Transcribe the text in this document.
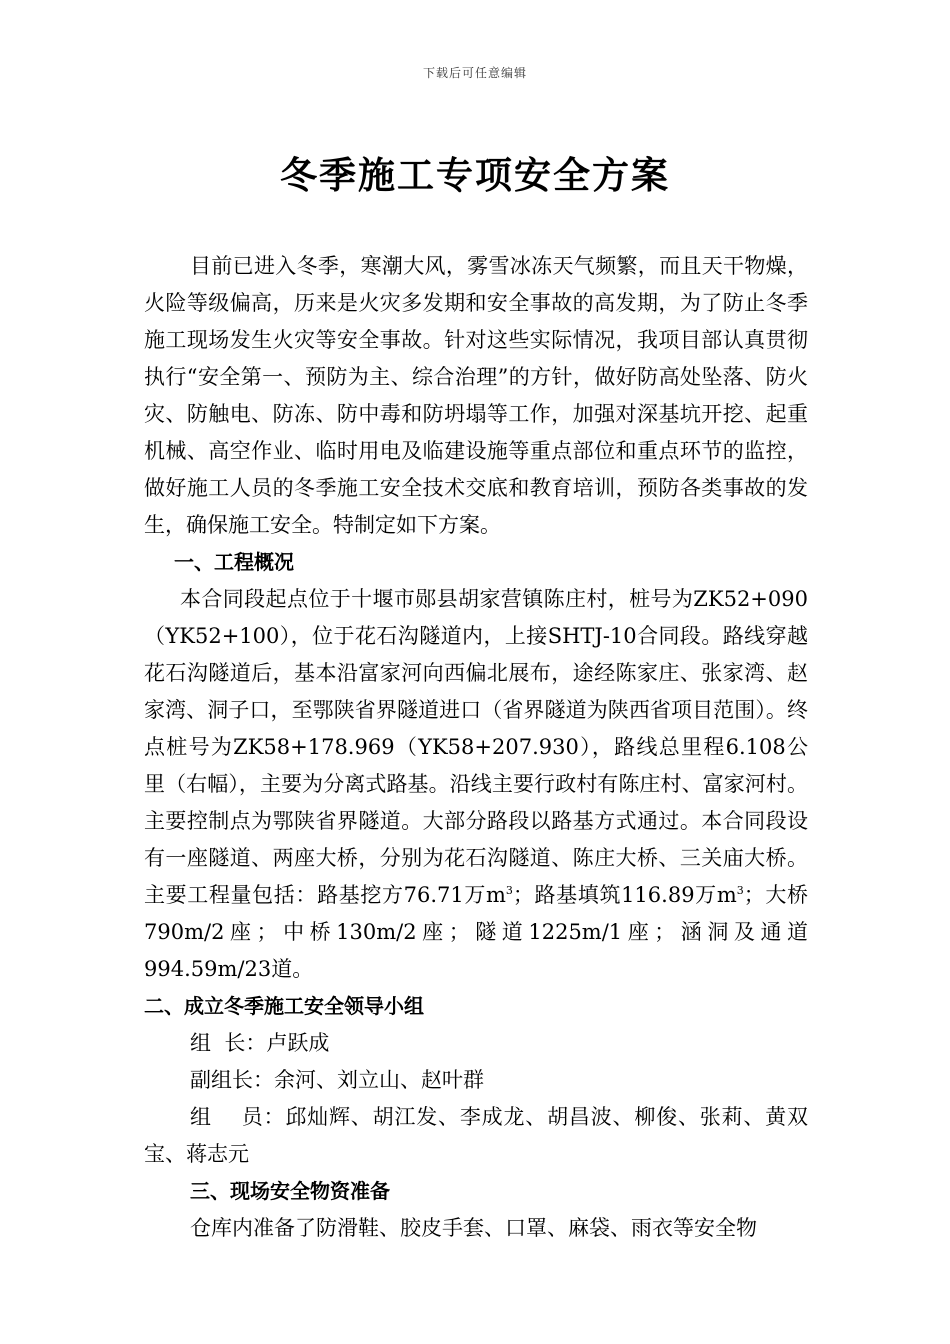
下载后可任意编辑
冬季施工专项安全方案

目前已进入冬季，寒潮大风，雾雪冰冻天气频繁，而且天干物燥，火险等级偏高，历来是火灾多发期和安全事故的高发期，为了防止冬季施工现场发生火灾等安全事故。针对这些实际情况，我项目部认真贯彻执行“安全第一、预防为主、综合治理”的方针，做好防高处坠落、防火灾、防触电、防冻、防中毒和防坍塌等工作，加强对深基坑开挖、起重机械、高空作业、临时用电及临建设施等重点部位和重点环节的监控，做好施工人员的冬季施工安全技术交底和教育培训，预防各类事故的发生，确保施工安全。特制定如下方案。

一、工程概况

本合同段起点位于十堰市郧县胡家营镇陈庄村，桩号为ZK52+090（YK52+100），位于花石沟隧道内，上接SHTJ-10合同段。路线穿越花石沟隧道后，基本沿富家河向西偏北展布，途经陈家庄、张家湾、赵家湾、洞子口，至鄂陕省界隧道进口（省界隧道为陕西省项目范围）。终点桩号为ZK58+178.969（YK58+207.930），路线总里程6.108公里（右幅），主要为分离式路基。沿线主要行政村有陈庄村、富家河村。主要控制点为鄂陕省界隧道。大部分路段以路基方式通过。本合同段设有一座隧道、两座大桥，分别为花石沟隧道、陈庄大桥、三关庙大桥。主要工程量包括：路基挖方76.71万$m^3$；路基填筑116.89万$m^3$；大桥790m/2座；中桥130m/2座；隧道1225m/1座；涵洞及通道994.59m/23道。

二、成立冬季施工安全领导小组

组  长：卢跃成

副组长：余河、刘立山、赵叶群

组    员：邱灿辉、胡江发、李成龙、胡昌波、柳俊、张莉、黄双宝、蒋志元

三、现场安全物资准备

仓库内准备了防滑鞋、胶皮手套、口罩、麻袋、雨衣等安全物
